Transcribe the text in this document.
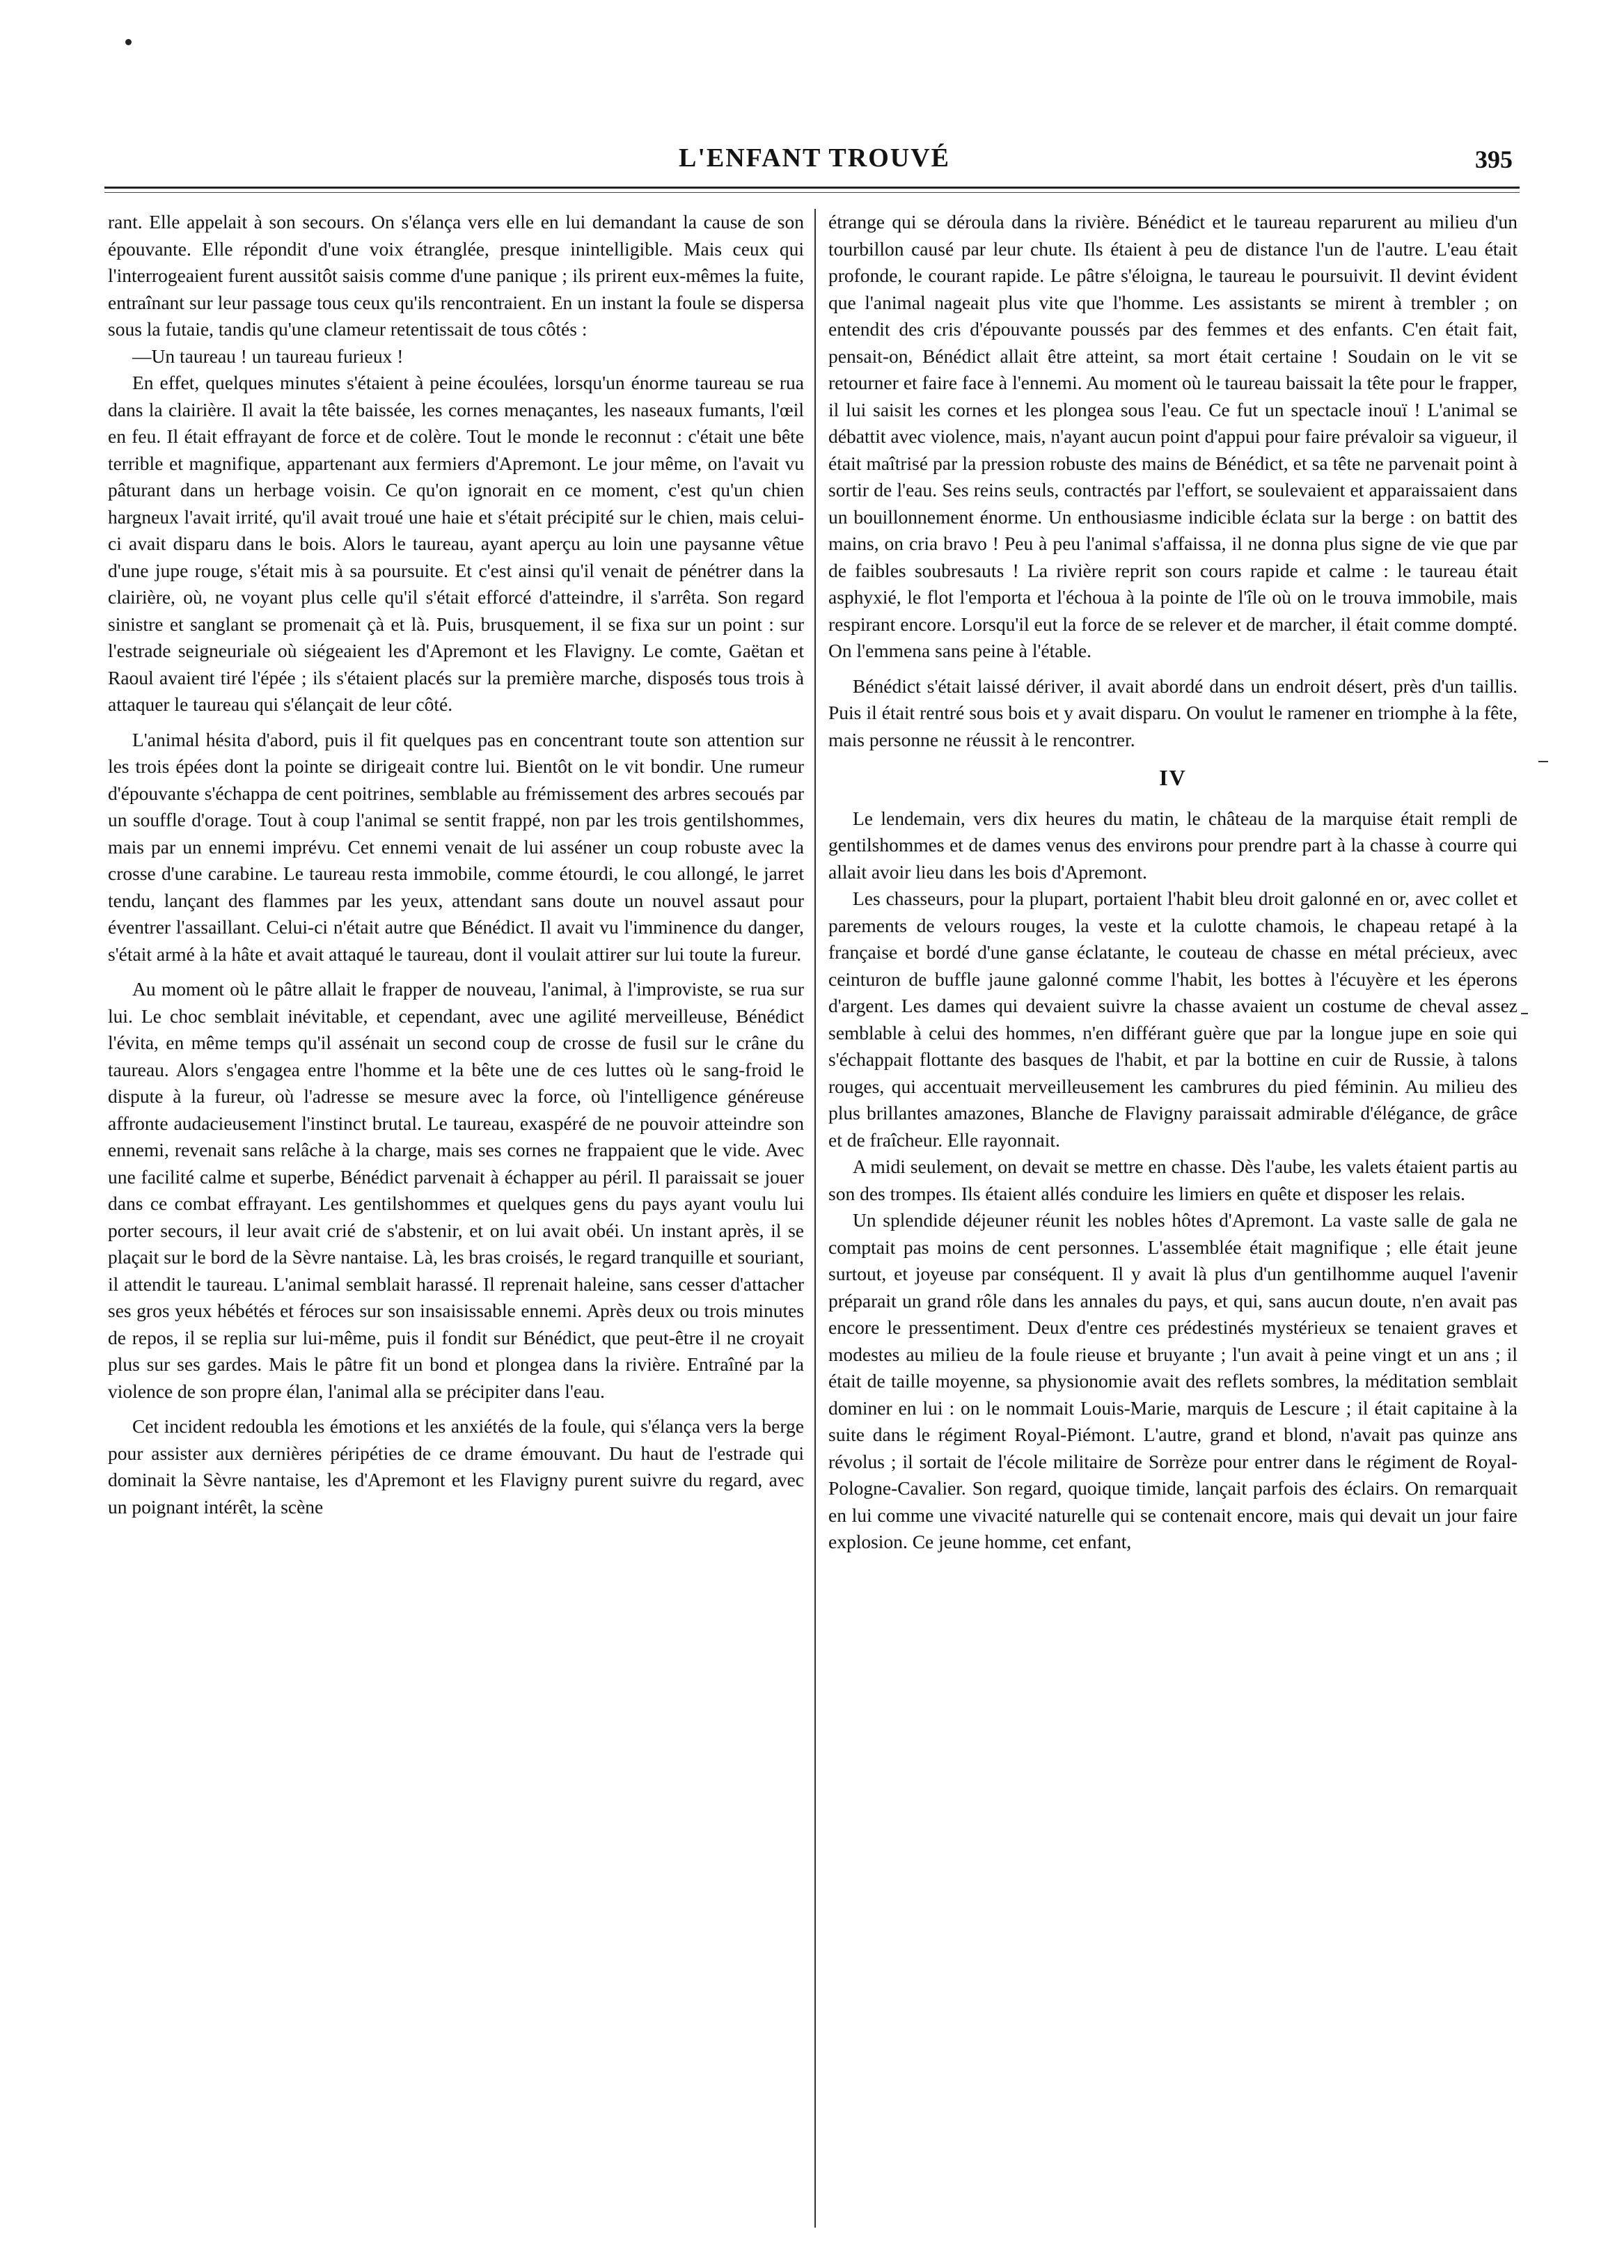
L'ENFANT TROUVÉ	395

rant. Elle appelait à son secours. On s'élança vers elle en lui demandant la cause de son épouvante. Elle répondit d'une voix étranglée, presque inintelligible. Mais ceux qui l'interrogeaient furent aussitôt saisis comme d'une panique ; ils prirent eux-mêmes la fuite, entraînant sur leur passage tous ceux qu'ils rencontraient. En un instant la foule se dispersa sous la futaie, tandis qu'une clameur retentissait de tous côtés :

—Un taureau ! un taureau furieux !

En effet, quelques minutes s'étaient à peine écoulées, lorsqu'un énorme taureau se rua dans la clairière. Il avait la tête baissée, les cornes menaçantes, les naseaux fumants, l'œil en feu. Il était effrayant de force et de colère. Tout le monde le reconnut : c'était une bête terrible et magnifique, appartenant aux fermiers d'Apremont. Le jour même, on l'avait vu pâturant dans un herbage voisin. Ce qu'on ignorait en ce moment, c'est qu'un chien hargneux l'avait irrité, qu'il avait troué une haie et s'était précipité sur le chien, mais celui-ci avait disparu dans le bois. Alors le taureau, ayant aperçu au loin une paysanne vêtue d'une jupe rouge, s'était mis à sa poursuite. Et c'est ainsi qu'il venait de pénétrer dans la clairière, où, ne voyant plus celle qu'il s'était efforcé d'atteindre, il s'arrêta. Son regard sinistre et sanglant se promenait çà et là. Puis, brusquement, il se fixa sur un point : sur l'estrade seigneuriale où siégeaient les d'Apremont et les Flavigny. Le comte, Gaëtan et Raoul avaient tiré l'épée ; ils s'étaient placés sur la première marche, disposés tous trois à attaquer le taureau qui s'élançait de leur côté.

L'animal hésita d'abord, puis il fit quelques pas en concentrant toute son attention sur les trois épées dont la pointe se dirigeait contre lui. Bientôt on le vit bondir. Une rumeur d'épouvante s'échappa de cent poitrines, semblable au frémissement des arbres secoués par un souffle d'orage. Tout à coup l'animal se sentit frappé, non par les trois gentilshommes, mais par un ennemi imprévu. Cet ennemi venait de lui asséner un coup robuste avec la crosse d'une carabine. Le taureau resta immobile, comme étourdi, le cou allongé, le jarret tendu, lançant des flammes par les yeux, attendant sans doute un nouvel assaut pour éventrer l'assaillant. Celui-ci n'était autre que Bénédict. Il avait vu l'imminence du danger, s'était armé à la hâte et avait attaqué le taureau, dont il voulait attirer sur lui toute la fureur.

Au moment où le pâtre allait le frapper de nouveau, l'animal, à l'improviste, se rua sur lui. Le choc semblait inévitable, et cependant, avec une agilité merveilleuse, Bénédict l'évita, en même temps qu'il assénait un second coup de crosse de fusil sur le crâne du taureau. Alors s'engagea entre l'homme et la bête une de ces luttes où le sang-froid le dispute à la fureur, où l'adresse se mesure avec la force, où l'intelligence généreuse affronte audacieusement l'instinct brutal. Le taureau, exaspéré de ne pouvoir atteindre son ennemi, revenait sans relâche à la charge, mais ses cornes ne frappaient que le vide. Avec une facilité calme et superbe, Bénédict parvenait à échapper au péril. Il paraissait se jouer dans ce combat effrayant. Les gentilshommes et quelques gens du pays ayant voulu lui porter secours, il leur avait crié de s'abstenir, et on lui avait obéi. Un instant après, il se plaçait sur le bord de la Sèvre nantaise. Là, les bras croisés, le regard tranquille et souriant, il attendit le taureau. L'animal semblait harassé. Il reprenait haleine, sans cesser d'attacher ses gros yeux hébétés et féroces sur son insaisissable ennemi. Après deux ou trois minutes de repos, il se replia sur lui-même, puis il fondit sur Bénédict, que peut-être il ne croyait plus sur ses gardes. Mais le pâtre fit un bond et plongea dans la rivière. Entraîné par la violence de son propre élan, l'animal alla se précipiter dans l'eau.

Cet incident redoubla les émotions et les anxiétés de la foule, qui s'élança vers la berge pour assister aux dernières péripéties de ce drame émouvant. Du haut de l'estrade qui dominait la Sèvre nantaise, les d'Apremont et les Flavigny purent suivre du regard, avec un poignant intérêt, la scène

étrange qui se déroula dans la rivière. Bénédict et le taureau reparurent au milieu d'un tourbillon causé par leur chute. Ils étaient à peu de distance l'un de l'autre. L'eau était profonde, le courant rapide. Le pâtre s'éloigna, le taureau le poursuivit. Il devint évident que l'animal nageait plus vite que l'homme. Les assistants se mirent à trembler ; on entendit des cris d'épouvante poussés par des femmes et des enfants. C'en était fait, pensait-on, Bénédict allait être atteint, sa mort était certaine ! Soudain on le vit se retourner et faire face à l'ennemi. Au moment où le taureau baissait la tête pour le frapper, il lui saisit les cornes et les plongea sous l'eau. Ce fut un spectacle inouï ! L'animal se débattit avec violence, mais, n'ayant aucun point d'appui pour faire prévaloir sa vigueur, il était maîtrisé par la pression robuste des mains de Bénédict, et sa tête ne parvenait point à sortir de l'eau. Ses reins seuls, contractés par l'effort, se soulevaient et apparaissaient dans un bouillonnement énorme. Un enthousiasme indicible éclata sur la berge : on battit des mains, on cria bravo ! Peu à peu l'animal s'affaissa, il ne donna plus signe de vie que par de faibles soubresauts ! La rivière reprit son cours rapide et calme : le taureau était asphyxié, le flot l'emporta et l'échoua à la pointe de l'île où on le trouva immobile, mais respirant encore. Lorsqu'il eut la force de se relever et de marcher, il était comme dompté. On l'emmena sans peine à l'étable.

Bénédict s'était laissé dériver, il avait abordé dans un endroit désert, près d'un taillis. Puis il était rentré sous bois et y avait disparu. On voulut le ramener en triomphe à la fête, mais personne ne réussit à le rencontrer.

IV

Le lendemain, vers dix heures du matin, le château de la marquise était rempli de gentilshommes et de dames venus des environs pour prendre part à la chasse à courre qui allait avoir lieu dans les bois d'Apremont.

Les chasseurs, pour la plupart, portaient l'habit bleu droit galonné en or, avec collet et parements de velours rouges, la veste et la culotte chamois, le chapeau retapé à la française et bordé d'une ganse éclatante, le couteau de chasse en métal précieux, avec ceinturon de buffle jaune galonné comme l'habit, les bottes à l'écuyère et les éperons d'argent. Les dames qui devaient suivre la chasse avaient un costume de cheval assez semblable à celui des hommes, n'en différant guère que par la longue jupe en soie qui s'échappait flottante des basques de l'habit, et par la bottine en cuir de Russie, à talons rouges, qui accentuait merveilleusement les cambrures du pied féminin. Au milieu des plus brillantes amazones, Blanche de Flavigny paraissait admirable d'élégance, de grâce et de fraîcheur. Elle rayonnait.

A midi seulement, on devait se mettre en chasse. Dès l'aube, les valets étaient partis au son des trompes. Ils étaient allés conduire les limiers en quête et disposer les relais.

Un splendide déjeuner réunit les nobles hôtes d'Apremont. La vaste salle de gala ne comptait pas moins de cent personnes. L'assemblée était magnifique ; elle était jeune surtout, et joyeuse par conséquent. Il y avait là plus d'un gentilhomme auquel l'avenir préparait un grand rôle dans les annales du pays, et qui, sans aucun doute, n'en avait pas encore le pressentiment. Deux d'entre ces prédestinés mystérieux se tenaient graves et modestes au milieu de la foule rieuse et bruyante ; l'un avait à peine vingt et un ans ; il était de taille moyenne, sa physionomie avait des reflets sombres, la méditation semblait dominer en lui : on le nommait Louis-Marie, marquis de Lescure ; il était capitaine à la suite dans le régiment Royal-Piémont. L'autre, grand et blond, n'avait pas quinze ans révolus ; il sortait de l'école militaire de Sorrèze pour entrer dans le régiment de Royal-Pologne-Cavalier. Son regard, quoique timide, lançait parfois des éclairs. On remarquait en lui comme une vivacité naturelle qui se contenait encore, mais qui devait un jour faire explosion. Ce jeune homme, cet enfant,
